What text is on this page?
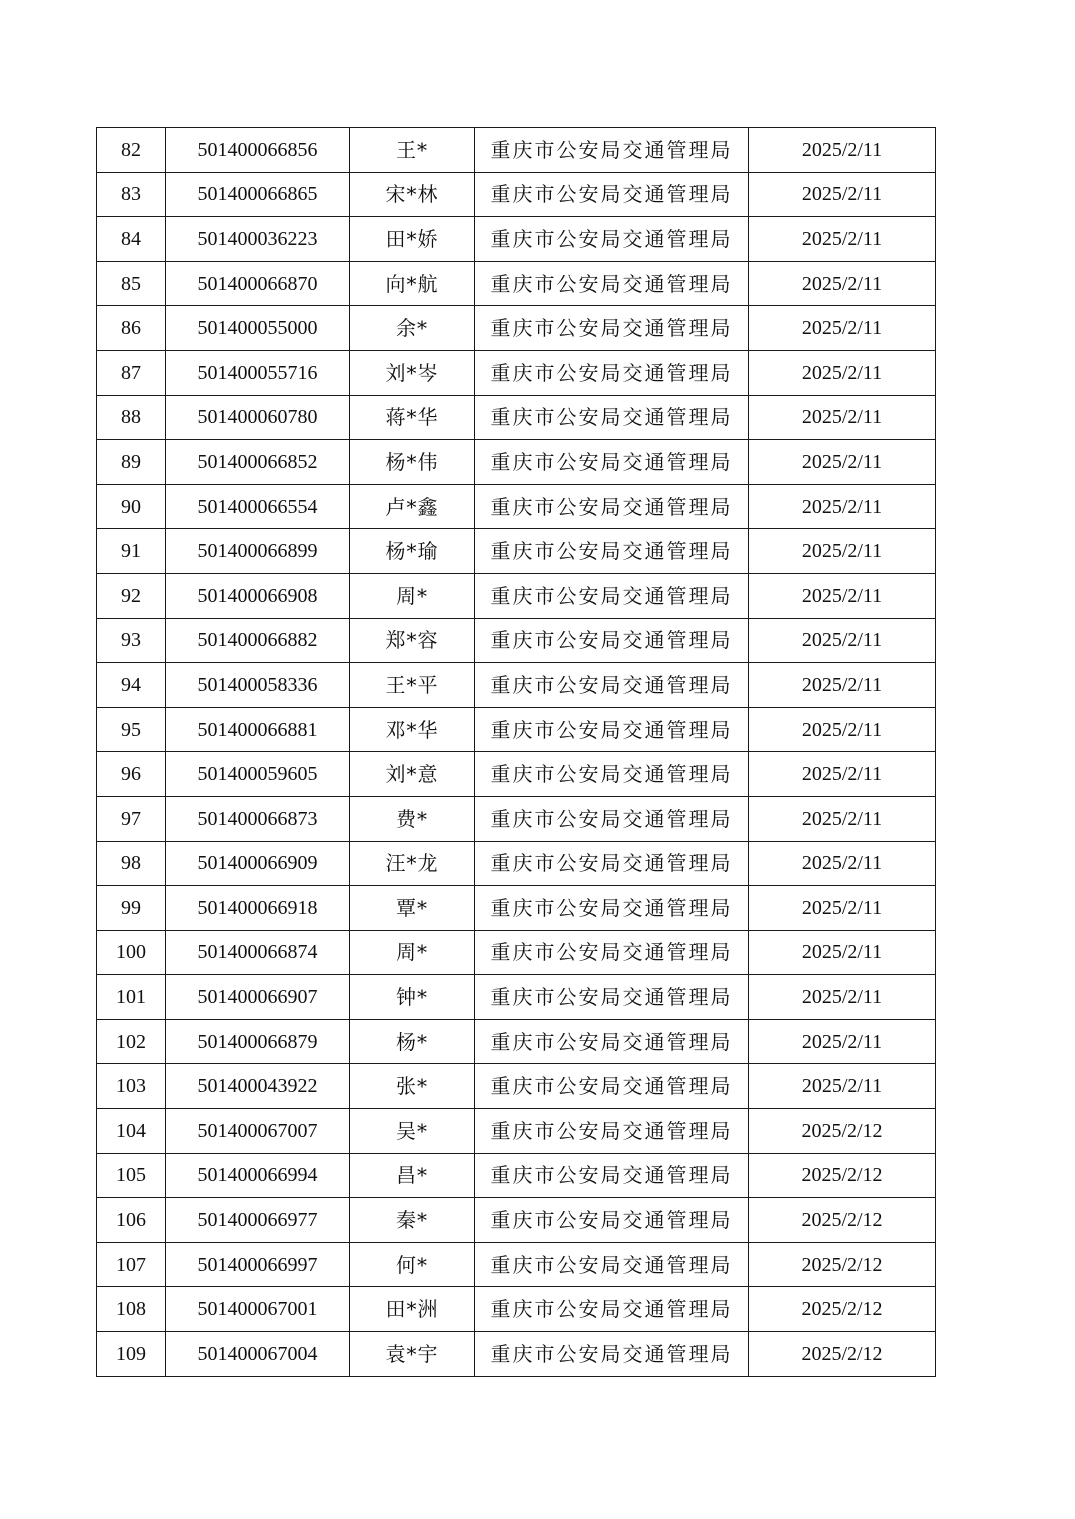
82	501400066856	王*	重庆市公安局交通管理局	2025/2/11
83	501400066865	宋*林	重庆市公安局交通管理局	2025/2/11
84	501400036223	田*娇	重庆市公安局交通管理局	2025/2/11
85	501400066870	向*航	重庆市公安局交通管理局	2025/2/11
86	501400055000	余*	重庆市公安局交通管理局	2025/2/11
87	501400055716	刘*岑	重庆市公安局交通管理局	2025/2/11
88	501400060780	蒋*华	重庆市公安局交通管理局	2025/2/11
89	501400066852	杨*伟	重庆市公安局交通管理局	2025/2/11
90	501400066554	卢*鑫	重庆市公安局交通管理局	2025/2/11
91	501400066899	杨*瑜	重庆市公安局交通管理局	2025/2/11
92	501400066908	周*	重庆市公安局交通管理局	2025/2/11
93	501400066882	郑*容	重庆市公安局交通管理局	2025/2/11
94	501400058336	王*平	重庆市公安局交通管理局	2025/2/11
95	501400066881	邓*华	重庆市公安局交通管理局	2025/2/11
96	501400059605	刘*意	重庆市公安局交通管理局	2025/2/11
97	501400066873	费*	重庆市公安局交通管理局	2025/2/11
98	501400066909	汪*龙	重庆市公安局交通管理局	2025/2/11
99	501400066918	覃*	重庆市公安局交通管理局	2025/2/11
100	501400066874	周*	重庆市公安局交通管理局	2025/2/11
101	501400066907	钟*	重庆市公安局交通管理局	2025/2/11
102	501400066879	杨*	重庆市公安局交通管理局	2025/2/11
103	501400043922	张*	重庆市公安局交通管理局	2025/2/11
104	501400067007	吴*	重庆市公安局交通管理局	2025/2/12
105	501400066994	昌*	重庆市公安局交通管理局	2025/2/12
106	501400066977	秦*	重庆市公安局交通管理局	2025/2/12
107	501400066997	何*	重庆市公安局交通管理局	2025/2/12
108	501400067001	田*洲	重庆市公安局交通管理局	2025/2/12
109	501400067004	袁*宇	重庆市公安局交通管理局	2025/2/12
